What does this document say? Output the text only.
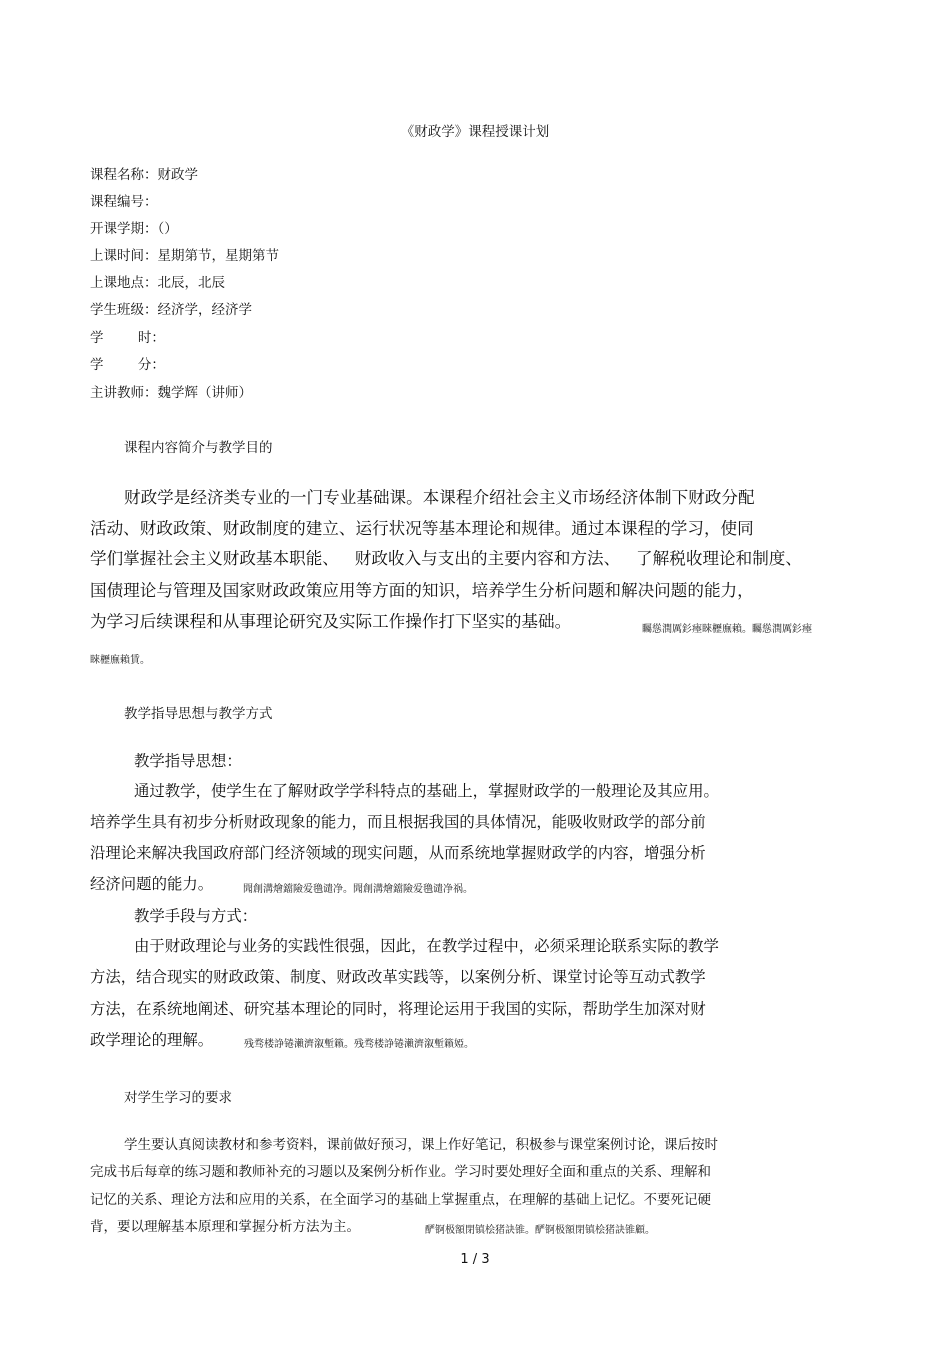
《财政学》课程授课计划
课程名称：财政学
课程编号：
开课学期：（）
上课时间：星期第节，星期第节
上课地点：北辰，北辰
学生班级：经济学，经济学
学        时：
学        分：
主讲教师：魏学辉（讲师）
课程内容简介与教学目的
财政学是经济类专业的一门专业基础课。本课程介绍社会主义市场经济体制下财政分配
活动、财政政策、财政制度的建立、运行状况等基本理论和规律。通过本课程的学习，使同
学们掌握社会主义财政基本职能、   财政收入与支出的主要内容和方法、   了解税收理论和制度、
国债理论与管理及国家财政政策应用等方面的知识，培养学生分析问题和解决问题的能力，
为学习后续课程和从事理论研究及实际工作操作打下坚实的基础。	矚慫潤厲釤瘞睞櫪廡賴。矚慫潤厲釤瘞
睞櫪廡賴賃。
教学指导思想与教学方式
教学指导思想：
通过教学，使学生在了解财政学学科特点的基础上，掌握财政学的一般理论及其应用。
培养学生具有初步分析财政现象的能力，而且根据我国的具体情况，能吸收财政学的部分前
沿理论来解决我国政府部门经济领域的现实问题，从而系统地掌握财政学的内容，增强分析
经济问题的能力。	聞創溝燴鐺險爱氇谴净。聞創溝燴鐺險爱氇谴净祸。
教学手段与方式：
由于财政理论与业务的实践性很强，因此，在教学过程中，必须采理论联系实际的教学
方法，结合现实的财政政策、制度、财政改革实践等，以案例分析、课堂讨论等互动式教学
方法，在系统地阐述、研究基本理论的同时，将理论运用于我国的实际，帮助学生加深对财
政学理论的理解。	残骛楼諍锩瀨濟溆塹籟。残骛楼諍锩瀨濟溆塹籟婭。
对学生学习的要求
学生要认真阅读教材和参考资料，课前做好预习，课上作好笔记，积极参与课堂案例讨论，课后按时
完成书后每章的练习题和教师补充的习题以及案例分析作业。学习时要处理好全面和重点的关系、理解和
记忆的关系、理论方法和应用的关系，在全面学习的基础上掌握重点，在理解的基础上记忆。不要死记硬
背，要以理解基本原理和掌握分析方法为主。	酽锕极額閉镇桧猪訣锥。酽锕极額閉镇桧猪訣锥顧。
1 / 3
